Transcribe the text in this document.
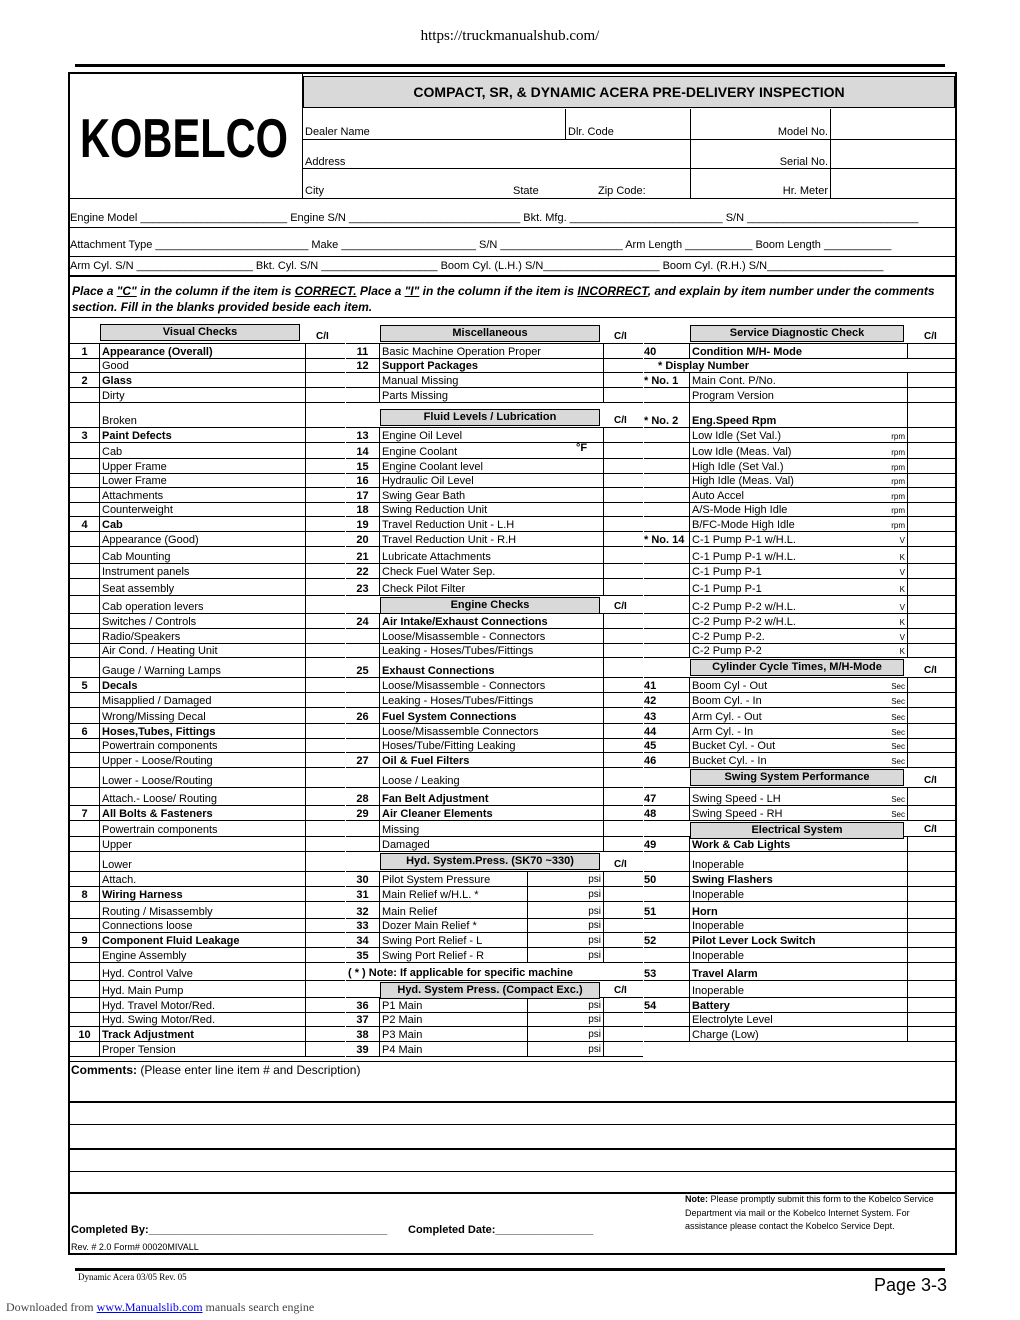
https://truckmanualshub.com/
KOBELCO
COMPACT, SR, & DYNAMIC ACERA PRE-DELIVERY INSPECTION
Dealer Name	Dlr. Code	Model No.
Address	Serial No.
City	State	Zip Code:	Hr. Meter
Engine Model ________________________ Engine S/N ____________________________ Bkt. Mfg. _________________________ S/N ____________________________
Attachment Type _________________________ Make ______________________ S/N ____________________ Arm Length ___________ Boom Length ___________
Arm Cyl. S/N ___________________ Bkt. Cyl. S/N ___________________ Boom Cyl. (L.H.) S/N___________________ Boom Cyl. (R.H.) S/N___________________
Place a "C" in the column if the item is CORRECT. Place a "I" in the column if the item is INCORRECT, and explain by item number under the comments section. Fill in the blanks provided beside each item.
Visual Checks	C/I
1	Appearance (Overall)
Good
2	Glass
Dirty
Broken
3	Paint Defects
Cab
Upper Frame
Lower Frame
Attachments
Counterweight
4	Cab
Appearance (Good)
Cab Mounting
Instrument panels
Seat assembly
Cab operation levers
Switches / Controls
Radio/Speakers
Air Cond. / Heating Unit
Gauge / Warning Lamps
5	Decals
Misapplied / Damaged
Wrong/Missing Decal
6	Hoses,Tubes, Fittings
Powertrain components
Upper - Loose/Routing
Lower - Loose/Routing
Attach.- Loose/ Routing
7	All Bolts & Fasteners
Powertrain components
Upper
Lower
Attach.
8	Wiring Harness
Routing / Misassembly
Connections loose
9	Component Fluid Leakage
Engine Assembly
Hyd. Control Valve
Hyd. Main Pump
Hyd. Travel Motor/Red.
Hyd. Swing Motor/Red.
10	Track Adjustment
Proper Tension
Miscellaneous	C/I
11	Basic Machine Operation Proper
12	Support Packages
Manual Missing
Parts Missing
Fluid Levels / Lubrication	C/I
13	Engine Oil Level
14	Engine Coolant	°F
15	Engine Coolant level
16	Hydraulic Oil Level
17	Swing Gear Bath
18	Swing Reduction Unit
19	Travel Reduction Unit - L.H
20	Travel Reduction Unit - R.H
21	Lubricate Attachments
22	Check Fuel Water Sep.
23	Check Pilot Filter
Engine Checks	C/I
24	Air Intake/Exhaust Connections
Loose/Misassemble - Connectors
Leaking - Hoses/Tubes/Fittings
25	Exhaust Connections
Loose/Misassemble - Connectors
Leaking - Hoses/Tubes/Fittings
26	Fuel System Connections
Loose/Misassemble Connectors
Hoses/Tube/Fitting Leaking
27	Oil & Fuel Filters
Loose / Leaking
28	Fan Belt Adjustment
29	Air Cleaner Elements
Missing
Damaged
Hyd. System.Press. (SK70 ~330)	C/I
30	Pilot System Pressure	psi
31	Main Relief w/H.L. *	psi
32	Main Relief	psi
33	Dozer Main Relief *	psi
34	Swing Port Relief - L	psi
35	Swing Port Relief - R	psi
( * ) Note: If applicable for specific machine
Hyd. System Press. (Compact Exc.)	C/I
36	P1 Main	psi
37	P2 Main	psi
38	P3 Main	psi
39	P4 Main	psi
Service Diagnostic Check	C/I
40	Condition M/H- Mode
* Display Number
* No. 1	Main Cont. P/No.
Program Version
* No. 2	Eng.Speed Rpm
Low Idle (Set Val.)	rpm
Low Idle (Meas. Val)	rpm
High Idle (Set Val.)	rpm
High Idle (Meas. Val)	rpm
Auto Accel	rpm
A/S-Mode High Idle	rpm
B/FC-Mode High Idle	rpm
* No. 14 C-1 Pump P-1 w/H.L.	V
C-1 Pump P-1 w/H.L.	K
C-1 Pump P-1	V
C-1 Pump P-1	K
C-2 Pump P-2 w/H.L.	V
C-2 Pump P-2 w/H.L.	K
C-2 Pump P-2.	V
C-2 Pump P-2	K
Cylinder Cycle Times, M/H-Mode	C/I
41	Boom Cyl - Out	Sec
42	Boom Cyl. - In	Sec
43	Arm Cyl. - Out	Sec
44	Arm Cyl. - In	Sec
45	Bucket Cyl. - Out	Sec
46	Bucket Cyl. - In	Sec
Swing System Performance	C/I
47	Swing Speed - LH	Sec
48	Swing Speed - RH	Sec
Electrical System	C/I
49	Work & Cab Lights
Inoperable
50	Swing Flashers
Inoperable
51	Horn
Inoperable
52	Pilot Lever Lock Switch
Inoperable
53	Travel Alarm
Inoperable
54	Battery
Electrolyte Level
Charge (Low)
Comments: (Please enter line item # and Description)
Completed By:_______________________________________ Completed Date:________________
Rev. # 2.0 Form# 00020MIVALL
Note: Please promptly submit this form to the Kobelco Service Department via mail or the Kobelco Internet System. For assistance please contact the Kobelco Service Dept.
Dynamic Acera 03/05 Rev. 05	Page 3-3
Downloaded from www.Manualslib.com manuals search engine
